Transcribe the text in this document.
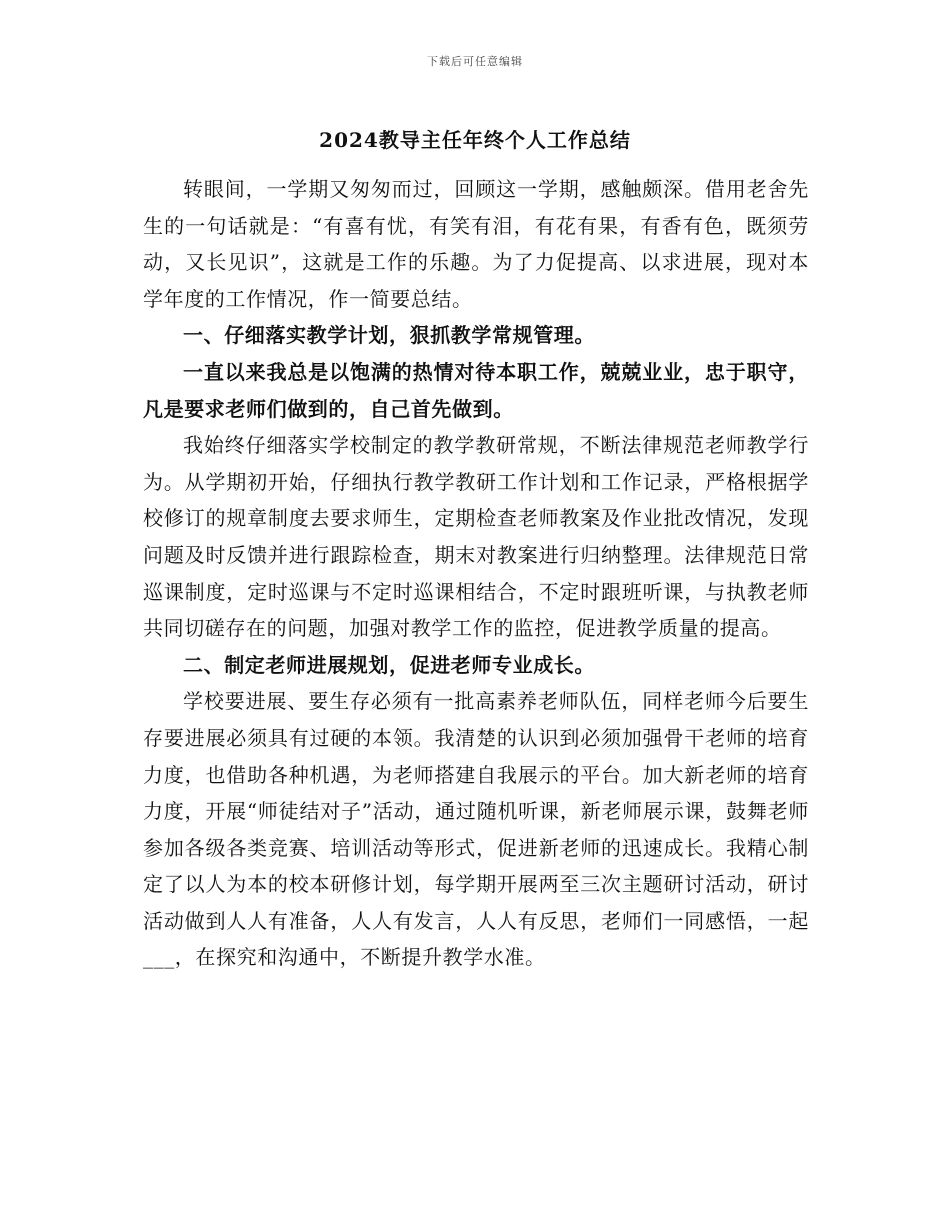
下载后可任意编辑
2024教导主任年终个人工作总结

转眼间，一学期又匆匆而过，回顾这一学期，感触颇深。借用老舍先生的一句话就是：“有喜有忧，有笑有泪，有花有果，有香有色，既须劳动，又长见识”，这就是工作的乐趣。为了力促提高、以求进展，现对本学年度的工作情况，作一简要总结。

一、仔细落实教学计划，狠抓教学常规管理。

一直以来我总是以饱满的热情对待本职工作，兢兢业业，忠于职守，凡是要求老师们做到的，自己首先做到。

我始终仔细落实学校制定的教学教研常规，不断法律规范老师教学行为。从学期初开始，仔细执行教学教研工作计划和工作记录，严格根据学校修订的规章制度去要求师生，定期检查老师教案及作业批改情况，发现问题及时反馈并进行跟踪检查，期末对教案进行归纳整理。法律规范日常巡课制度，定时巡课与不定时巡课相结合，不定时跟班听课，与执教老师共同切磋存在的问题，加强对教学工作的监控，促进教学质量的提高。

二、制定老师进展规划，促进老师专业成长。

学校要进展、要生存必须有一批高素养老师队伍，同样老师今后要生存要进展必须具有过硬的本领。我清楚的认识到必须加强骨干老师的培育力度，也借助各种机遇，为老师搭建自我展示的平台。加大新老师的培育力度，开展“师徒结对子”活动，通过随机听课，新老师展示课，鼓舞老师参加各级各类竞赛、培训活动等形式，促进新老师的迅速成长。我精心制定了以人为本的校本研修计划，每学期开展两至三次主题研讨活动，研讨活动做到人人有准备，人人有发言，人人有反思，老师们一同感悟，一起___，在探究和沟通中，不断提升教学水准。
